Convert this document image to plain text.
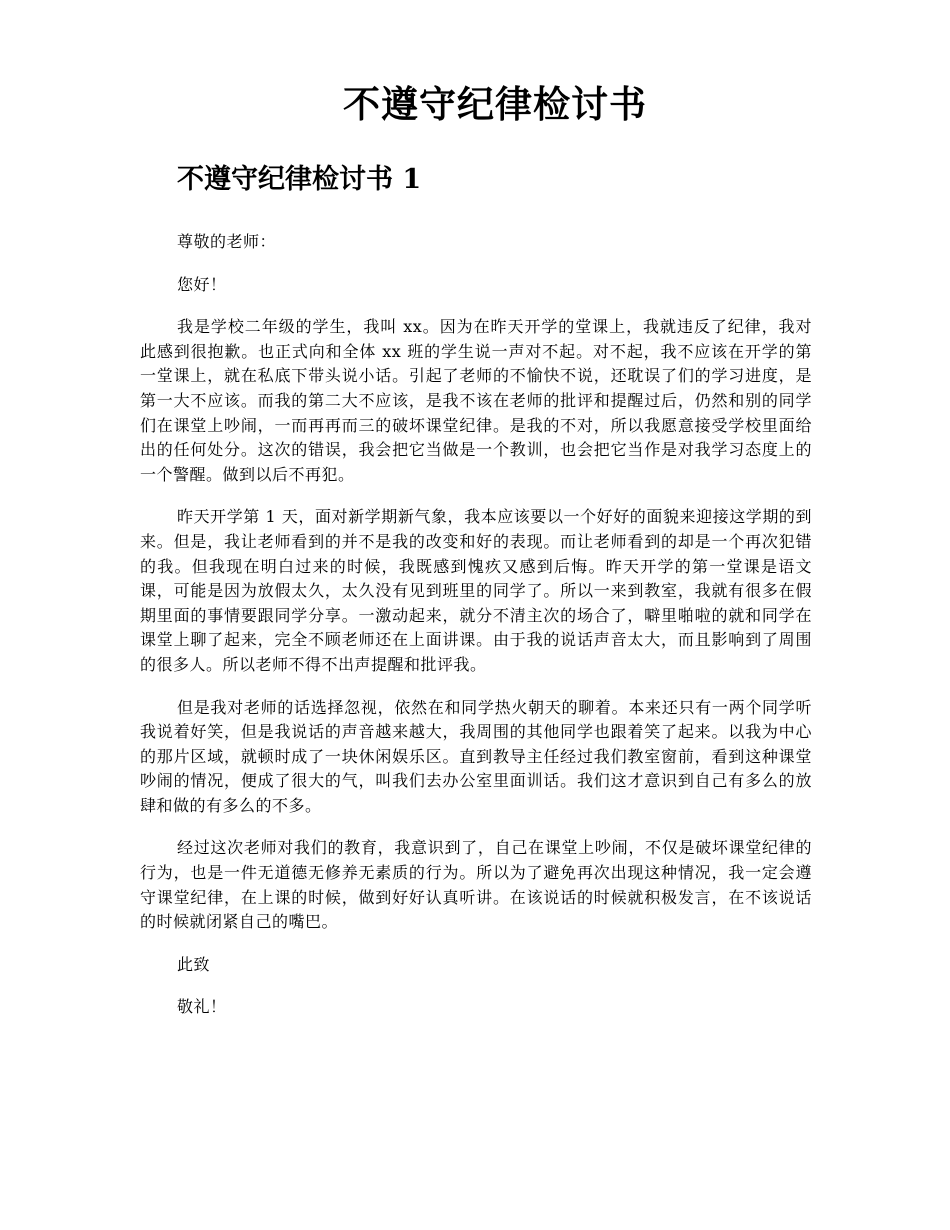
不遵守纪律检讨书
不遵守纪律检讨书 1

尊敬的老师：

您好！

我是学校二年级的学生，我叫 xx。因为在昨天开学的堂课上，我就违反了纪律，我对此感到很抱歉。也正式向和全体 xx 班的学生说一声对不起。对不起，我不应该在开学的第一堂课上，就在私底下带头说小话。引起了老师的不愉快不说，还耽误了们的学习进度，是第一大不应该。而我的第二大不应该，是我不该在老师的批评和提醒过后，仍然和别的同学们在课堂上吵闹，一而再再而三的破坏课堂纪律。是我的不对，所以我愿意接受学校里面给出的任何处分。这次的错误，我会把它当做是一个教训，也会把它当作是对我学习态度上的一个警醒。做到以后不再犯。

昨天开学第 1 天，面对新学期新气象，我本应该要以一个好好的面貌来迎接这学期的到来。但是，我让老师看到的并不是我的改变和好的表现。而让老师看到的却是一个再次犯错的我。但我现在明白过来的时候，我既感到愧疚又感到后悔。昨天开学的第一堂课是语文课，可能是因为放假太久，太久没有见到班里的同学了。所以一来到教室，我就有很多在假期里面的事情要跟同学分享。一激动起来，就分不清主次的场合了，噼里啪啦的就和同学在课堂上聊了起来，完全不顾老师还在上面讲课。由于我的说话声音太大，而且影响到了周围的很多人。所以老师不得不出声提醒和批评我。

但是我对老师的话选择忽视，依然在和同学热火朝天的聊着。本来还只有一两个同学听我说着好笑，但是我说话的声音越来越大，我周围的其他同学也跟着笑了起来。以我为中心的那片区域，就顿时成了一块休闲娱乐区。直到教导主任经过我们教室窗前，看到这种课堂吵闹的情况，便成了很大的气，叫我们去办公室里面训话。我们这才意识到自己有多么的放肆和做的有多么的不多。

经过这次老师对我们的教育，我意识到了，自己在课堂上吵闹，不仅是破坏课堂纪律的行为，也是一件无道德无修养无素质的行为。所以为了避免再次出现这种情况，我一定会遵守课堂纪律，在上课的时候，做到好好认真听讲。在该说话的时候就积极发言，在不该说话的时候就闭紧自己的嘴巴。

此致

敬礼！
